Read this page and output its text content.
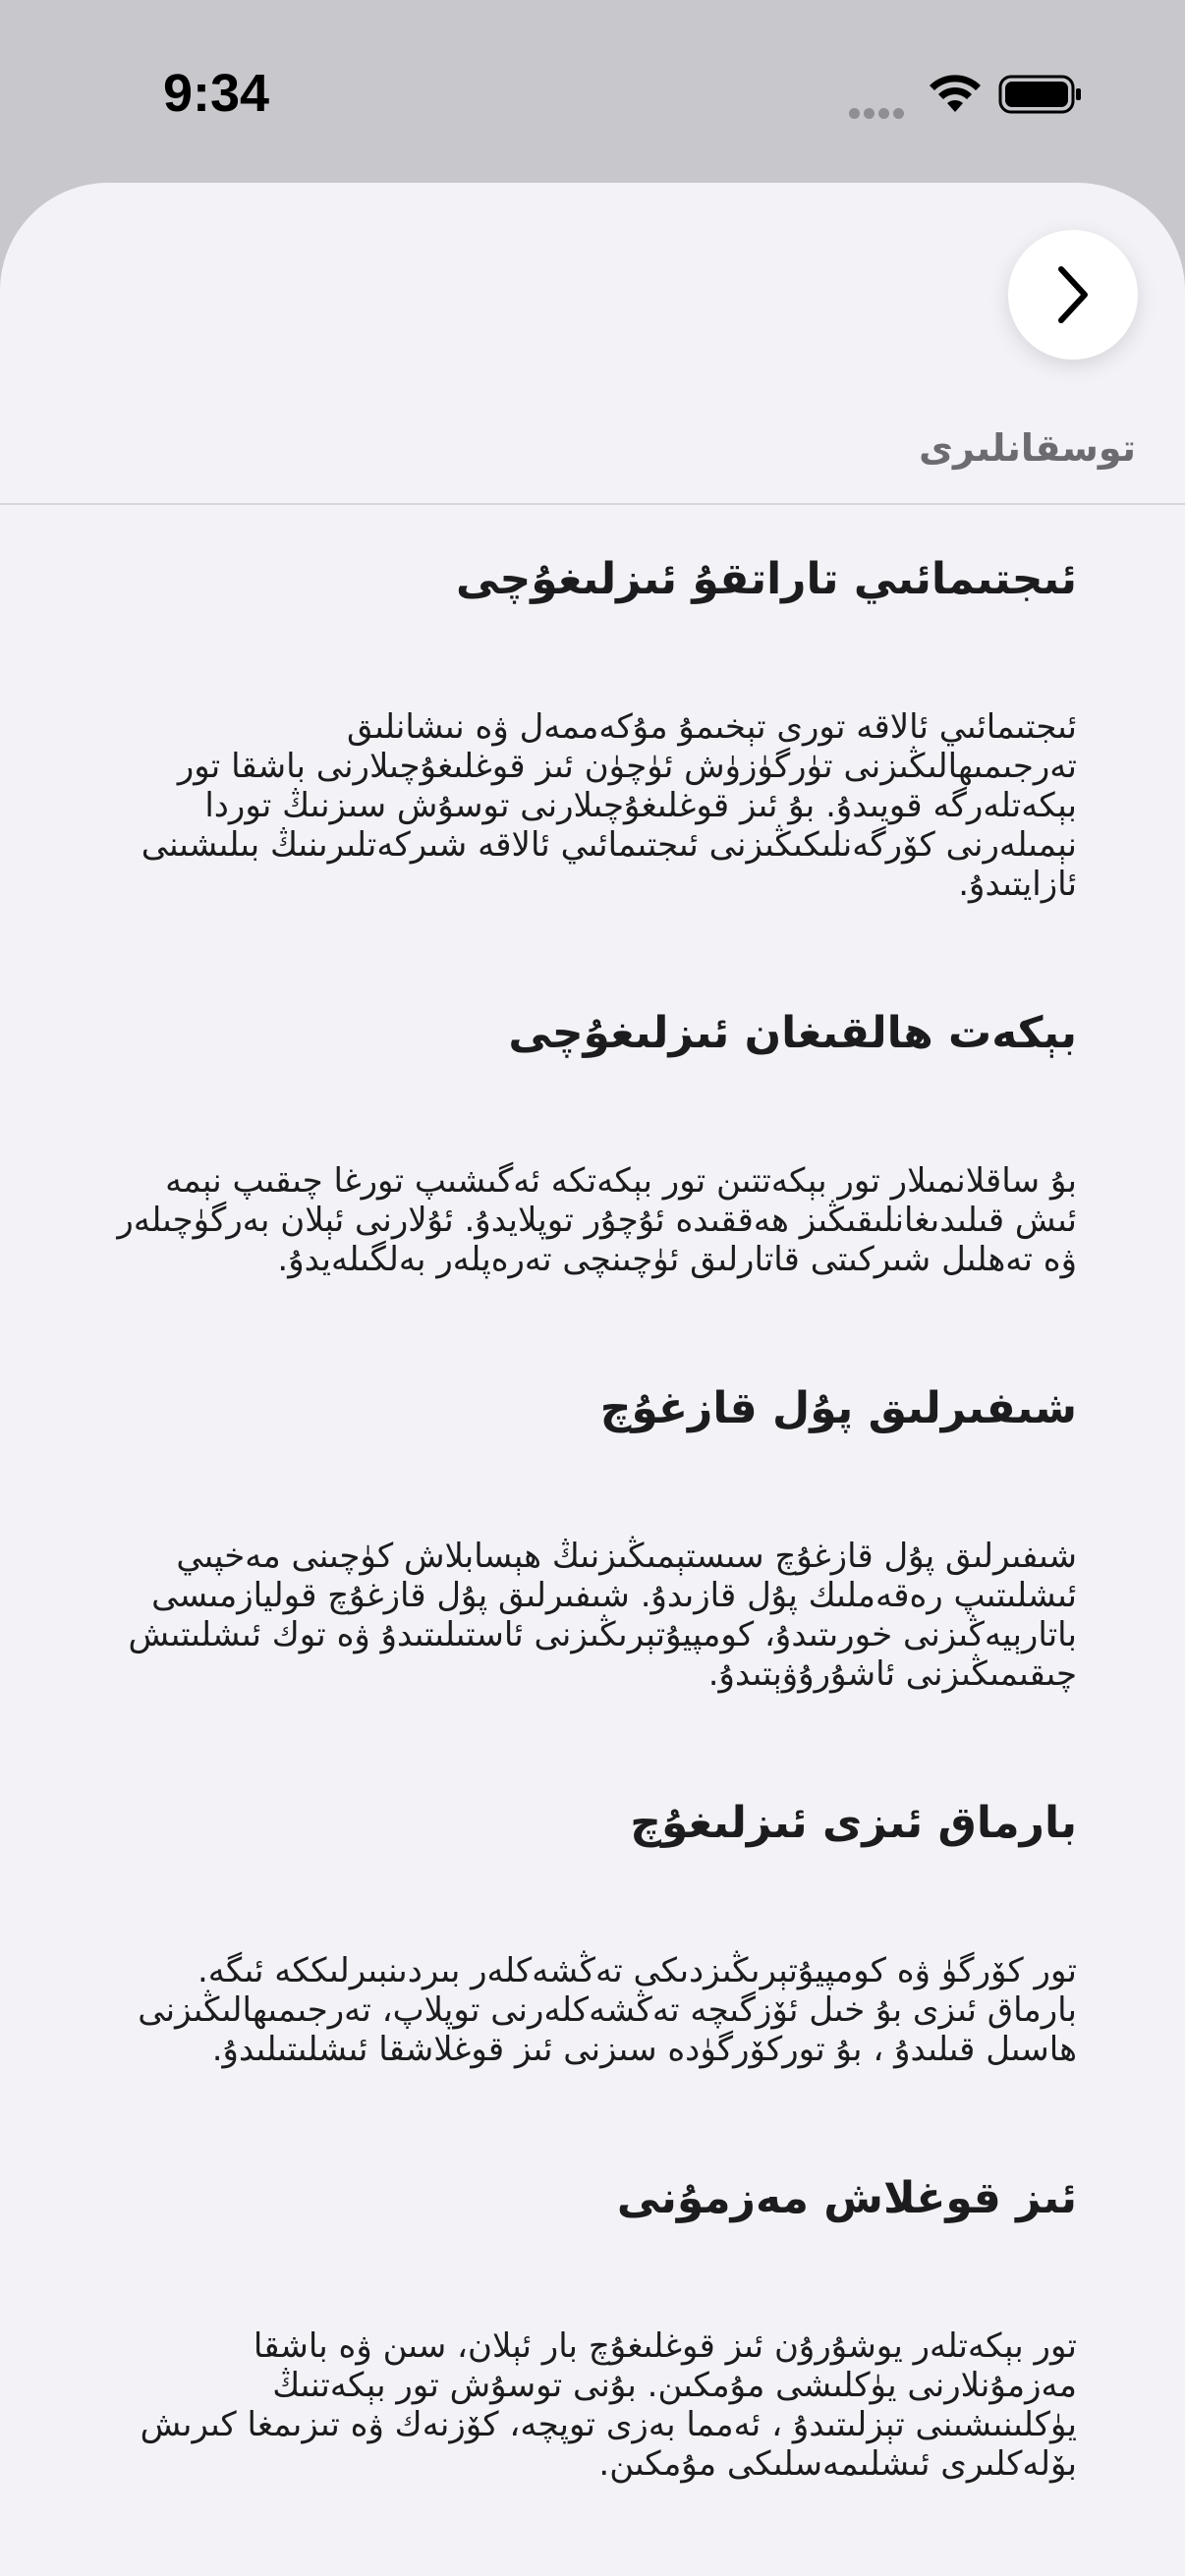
9:34
توسقانلىرى
ئىجتىمائىي تاراتقۇ ئىزلىغۇچى

ئىجتىمائىي ئالاقە تورى تېخىمۇ مۇكەممەل ۋە نىشانلىق تەرجىمىھالىڭىزنى تۈرگۈزۈش ئۈچۈن ئىز قوغلىغۇچىلارنى باشقا تور بېكەتلەرگە قويىدۇ. بۇ ئىز قوغلىغۇچىلارنى توسۇش سىزنىڭ توردا نېمىلەرنى كۆرگەنلىكىڭىزنى ئىجتىمائىي ئالاقە شىركەتلىرىنىڭ بىلىشىنى ئازايتىدۇ.

بېكەت ھالقىغان ئىزلىغۇچى

بۇ ساقلانمىلار تور بېكەتتىن تور بېكەتكە ئەگىشىپ تورغا چىقىپ نېمە ئىش قىلىدىغانلىقىڭىز ھەققىدە ئۇچۇر توپلايدۇ. ئۇلارنى ئېلان بەرگۈچىلەر ۋە تەھلىل شىركىتى قاتارلىق ئۈچىنچى تەرەپلەر بەلگىلەيدۇ.

شىفىرلىق پۇل قازغۇچ

شىفىرلىق پۇل قازغۇچ سىستېمىڭىزنىڭ ھېسابلاش كۈچىنى مەخپىي ئىشلىتىپ رەقەملىك پۇل قازىدۇ. شىفىرلىق پۇل قازغۇچ قوليازمىسى باتارېيەڭىزنى خورىتىدۇ، كومپيۇتېرىڭىزنى ئاستىلىتىدۇ ۋە توك ئىشلىتىش چىقىمىڭىزنى ئاشۇرۇۋېتىدۇ.

بارماق ئىزى ئىزلىغۇچ

تور كۆرگۈ ۋە كومپيۇتېرىڭىزدىكى تەڭشەكلەر بىردىنبىرلىككە ئىگە. بارماق ئىزى بۇ خىل ئۆزگىچە تەڭشەكلەرنى توپلاپ، تەرجىمىھالىڭىزنى ھاسىل قىلىدۇ ، بۇ توركۆرگۈدە سىزنى ئىز قوغلاشقا ئىشلىتىلىدۇ.

ئىز قوغلاش مەزمۇنى

تور بېكەتلەر يوشۇرۇن ئىز قوغلىغۇچ بار ئېلان، سىن ۋە باشقا مەزمۇنلارنى يۈكلىشى مۇمكىن. بۇنى توسۇش تور بېكەتنىڭ يۈكلىنىشىنى تېزلىتىدۇ ، ئەمما بەزى توپچە، كۆزنەك ۋە تىزىمغا كىرىش بۆلەكلىرى ئىشلىمەسلىكى مۇمكىن.
